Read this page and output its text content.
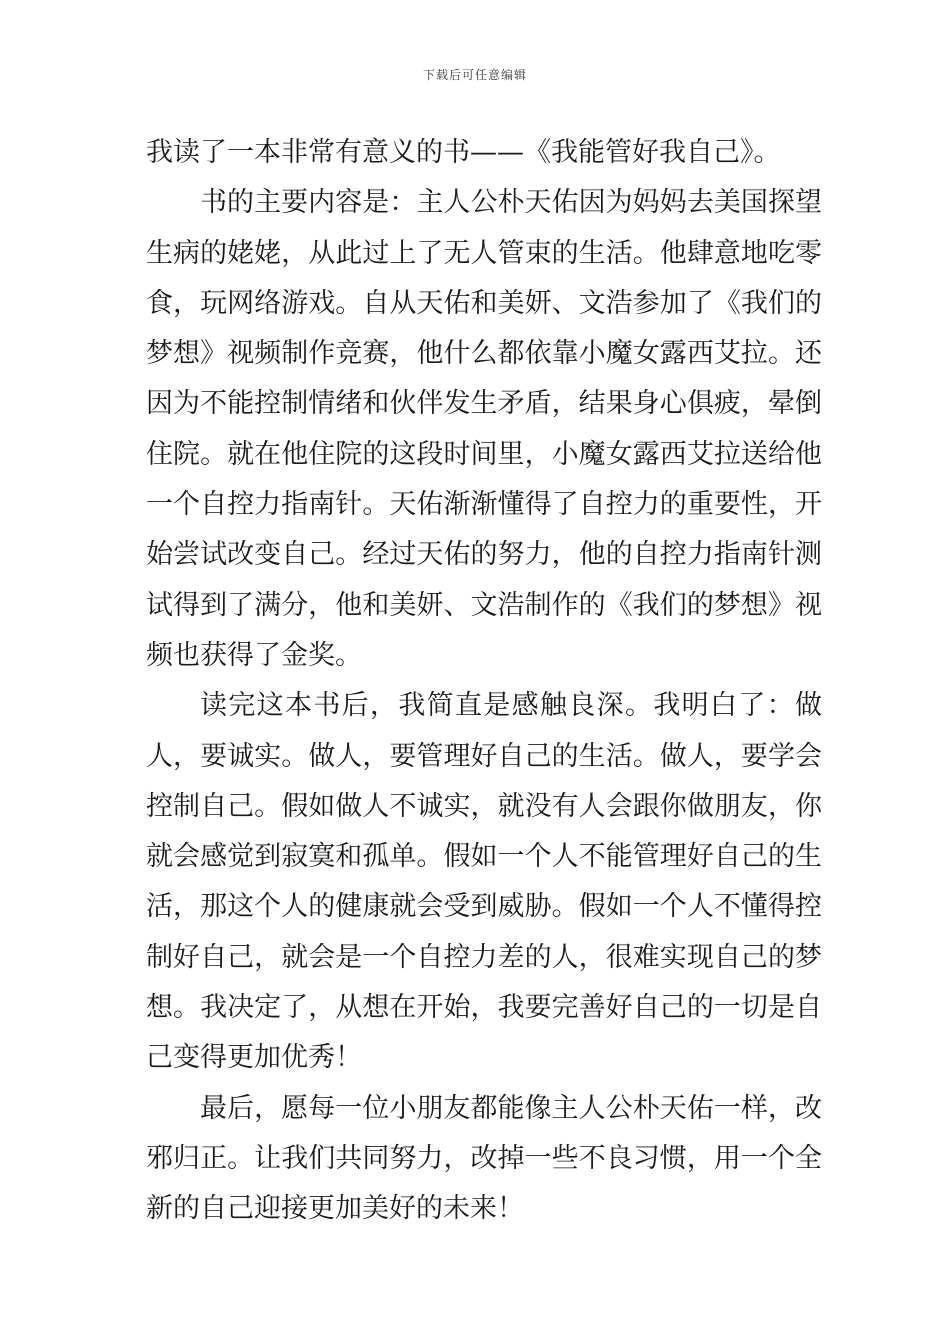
下载后可任意编辑

我读了一本非常有意义的书——《我能管好我自己》。

书的主要内容是：主人公朴天佑因为妈妈去美国探望生病的姥姥，从此过上了无人管束的生活。他肆意地吃零食，玩网络游戏。自从天佑和美妍、文浩参加了《我们的梦想》视频制作竞赛，他什么都依靠小魔女露西艾拉。还因为不能控制情绪和伙伴发生矛盾，结果身心俱疲，晕倒住院。就在他住院的这段时间里，小魔女露西艾拉送给他一个自控力指南针。天佑渐渐懂得了自控力的重要性，开始尝试改变自己。经过天佑的努力，他的自控力指南针测试得到了满分，他和美妍、文浩制作的《我们的梦想》视频也获得了金奖。

读完这本书后，我简直是感触良深。我明白了：做人，要诚实。做人，要管理好自己的生活。做人，要学会控制自己。假如做人不诚实，就没有人会跟你做朋友，你就会感觉到寂寞和孤单。假如一个人不能管理好自己的生活，那这个人的健康就会受到威胁。假如一个人不懂得控制好自己，就会是一个自控力差的人，很难实现自己的梦想。我决定了，从想在开始，我要完善好自己的一切是自己变得更加优秀！

最后，愿每一位小朋友都能像主人公朴天佑一样，改邪归正。让我们共同努力，改掉一些不良习惯，用一个全新的自己迎接更加美好的未来！
